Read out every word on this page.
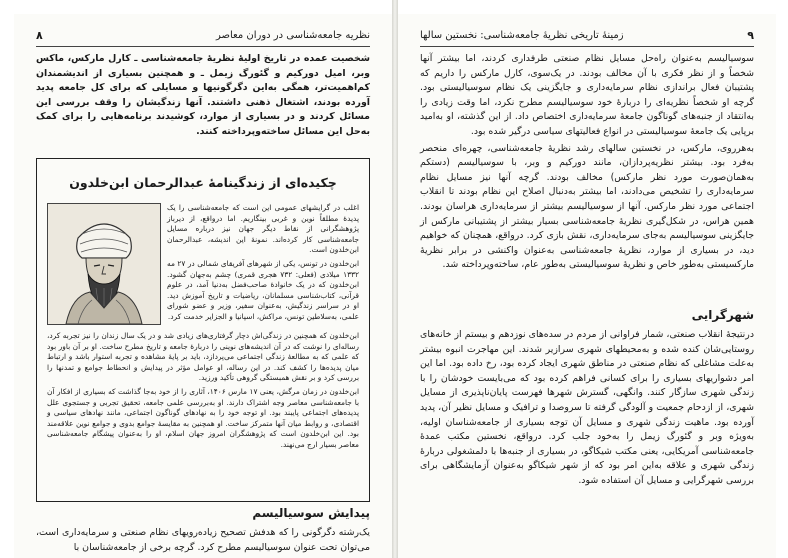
۸	نظریه جامعه‌شناسی در دوران معاصر

شخصیت عمده در تاریخ اولیهٔ نظریهٔ جامعه‌شناسی ـ کارل مارکس، ماکس وبر، امیل دورکیم و گئورگ زیمل ـ و همچنین بسیاری از اندیشمندان کم‌اهمیت‌تر، همگی به‌این دگرگونیها و مسایلی که برای کل جامعه پدید آورده بودند، اشتغال ذهنی داشتند. آنها زندگیشان را وقف بررسی این مسائل کردند و در بسیاری از موارد، کوشیدند برنامه‌هایی را برای کمک به‌حل این مسائل ساخته‌وپرداخته کنند.

چکیده‌ای از زندگینامهٔ عبدالرحمان ابن‌خلدون

اغلب در گرایشهای عمومی این است که جامعه‌شناسی را یک پدیدهٔ مطلقاً نوین و غربی بینگاریم. اما درواقع، از دیرباز پژوهشگرانی از نقاط دیگر جهان نیز درباره مسایل جامعه‌شناسی کار کرده‌اند. نمونهٔ این اندیشه، عبدالرحمان ابن‌خلدون است.

ابن‌خلدون در تونس، یکی از شهرهای آفریقای شمالی در ۲۷ مه ۱۳۳۲ میلادی (فعلی: ۷۳۲ هجری قمری) چشم به‌جهان گشود. ابن‌خلدون که در یک خانوادهٔ صاحب‌فضل به‌دنیا آمد، در علوم قرآنی، کتاب‌شناسی مسلمانان، ریاضیات و تاریخ آموزش دید. او در سراسر زندگیش، به‌عنوان سفیر، وزیر و عضو شورای علمی، به‌سلاطین تونس، مراکش، اسپانیا و الجزایر خدمت کرد.

ابن‌خلدون که همچنین در زندگی‌اش دچار گرفتاری‌های زیادی شد و در یک سال زندان را نیز تجربه کرد، رساله‌ای را نوشت که در آن اندیشه‌های نوینی را دربارهٔ جامعه و تاریخ مطرح ساخت. او بر آن باور بود که علمی که به مطالعهٔ زندگی اجتماعی می‌پردازد، باید بر پایهٔ مشاهده و تجربه استوار باشد و ارتباط میان پدیده‌ها را کشف کند. در این رساله، او عوامل مؤثر در پیدایش و انحطاط جوامع و تمدنها را بررسی کرد و بر نقش همبستگی گروهی تأکید ورزید.

ابن‌خلدون در زمان مرگش، یعنی ۱۷ مارس ۱۴۰۶، آثاری را از خود به‌جا گذاشت که بسیاری از افکار آن با جامعه‌شناسی معاصر وجه اشتراک دارند. او به‌بررسی علمی جامعه، تحقیق تجربی و جستجوی علل پدیده‌های اجتماعی پایبند بود. او توجه خود را به نهادهای گوناگون اجتماعی، مانند نهادهای سیاسی و اقتصادی، و روابط میان آنها متمرکز ساخت. او همچنین به مقایسهٔ جوامع بدوی و جوامع نوین علاقه‌مند بود. این ابن‌خلدون است که پژوهشگران امروز جهان اسلام، او را به‌عنوان پیشگام جامعه‌شناسی معاصر بسیار ارج می‌نهند.

پیدایش سوسیالیسم

یک‌رشته دگرگونی را که هدفش تصحیح زیاده‌رویهای نظام صنعتی و سرمایه‌داری است، می‌توان تحت عنوان سوسیالیسم مطرح کرد. گرچه برخی از جامعه‌شناسان با

زمینهٔ تاریخی نظریهٔ جامعه‌شناسی: نخستین سالها	۹

سوسیالیسم به‌عنوان راه‌حل مسایل نظام صنعتی طرفداری کردند، اما بیشتر آنها شخصاً و از نظر فکری با آن مخالف بودند. در یک‌سوی، کارل مارکس را داریم که پشتیبان فعال براندازی نظام سرمایه‌داری و جایگزینی یک نظام سوسیالیستی بود. گرچه او شخصاً نظریه‌ای را دربارهٔ خود سوسیالیسم مطرح نکرد، اما وقت زیادی را به‌انتقاد از جنبه‌های گوناگون جامعهٔ سرمایه‌داری اختصاص داد. از این گذشته، او به‌امید برپایی یک جامعهٔ سوسیالیستی در انواع فعالیتهای سیاسی درگیر شده بود.

به‌هرروی، مارکس، در نخستین سالهای رشد نظریهٔ جامعه‌شناسی، چهره‌ای منحصر به‌فرد بود. بیشتر نظریه‌پردازان، مانند دورکیم و وبر، با سوسیالیسم (دستکم به‌همان‌صورت مورد نظر مارکس) مخالف بودند. گرچه آنها نیز مسایل نظام سرمایه‌داری را تشخیص می‌دادند، اما بیشتر به‌دنبال اصلاح این نظام بودند تا انقلاب اجتماعی مورد نظر مارکس. آنها از سوسیالیسم بیشتر از سرمایه‌داری هراسان بودند. همین هراس، در شکل‌گیری نظریهٔ جامعه‌شناسی بسیار بیشتر از پشتیبانی مارکس از جایگزینی سوسیالیسم به‌جای سرمایه‌داری، نقش بازی کرد. درواقع، همچنان که خواهیم دید، در بسیاری از موارد، نظریهٔ جامعه‌شناسی به‌عنوان واکنشی در برابر نظریهٔ مارکسیستی به‌طور خاص و نظریهٔ سوسیالیستی به‌طور عام، ساخته‌وپرداخته شد.

شهرگرایی

درنتیجهٔ انقلاب صنعتی، شمار فراوانی از مردم در سده‌های نوزدهم و بیستم از خانه‌های روستایی‌شان کنده شده و به‌محیطهای شهری سرازیر شدند. این مهاجرت انبوه بیشتر به‌علت مشاغلی که نظام صنعتی در مناطق شهری ایجاد کرده بود، رخ داده بود. اما این امر دشواریهای بسیاری را برای کسانی فراهم کرده بود که می‌بایست خودشان را با زندگی شهری سازگار کنند. وانگهی، گسترش شهرها فهرست پایان‌ناپذیری از مسایل شهری، از ازدحام جمعیت و آلودگی گرفته تا سروصدا و ترافیک و مسایل نظیر آن، پدید آورده بود. ماهیت زندگی شهری و مسایل آن توجه بسیاری از جامعه‌شناسان اولیه، به‌ویژه وبر و گئورگ زیمل را به‌خود جلب کرد. درواقع، نخستین مکتب عمدهٔ جامعه‌شناسی آمریکایی، یعنی مکتب شیکاگو، در بسیاری از جنبه‌ها با دلمشغولی دربارهٔ زندگی شهری و علاقه به‌این امر بود که از شهر شیکاگو به‌عنوان آزمایشگاهی برای بررسی شهرگرایی و مسایل آن استفاده شود.
